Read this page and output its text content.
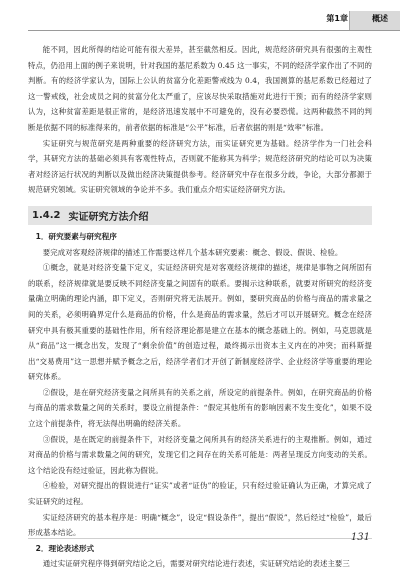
第1章	概述

能不同，因此所得的结论可能有很大差异，甚至截然相反。因此，规范经济研究具有很强的主观性特点，仍沿用上面的例子来说明，针对我国的基尼系数为 0.45 这一事实，不同的经济学家作出了不同的判断。有的经济学家认为，国际上公认的贫富分化差距警戒线为 0.4，我国测算的基尼系数已经超过了这一警戒线，社会成员之间的贫富分化太严重了，应该尽快采取措施对此进行干预；而有的经济学家则认为，这种贫富差距是很正常的，是经济迅速发展中不可避免的，没有必要恐慌。这两种截然不同的判断是依据不同的标准得来的，前者依据的标准是“公平”标准，后者依据的则是“效率”标准。

实证研究与规范研究是两种重要的经济研究方法，而实证研究更为基础。经济学作为一门社会科学，其研究方法的基础必须具有客观性特点，否则就不能称其为科学；规范经济研究的结论可以为决策者对经济运行状况的判断以及做出经济决策提供参考。经济研究中存在很多分歧，争论，大部分都源于规范研究领域。实证研究领域的争论并不多。我们重点介绍实证经济研究方法。

1.4.2 实证研究方法介绍
1．研究要素与研究程序

要完成对客观经济规律的描述工作需要这样几个基本研究要素：概念、假设、假说、检验。

①概念，就是对经济变量下定义，实证经济研究是对客观经济规律的描述，规律是事物之间所固有的联系，经济规律就是要反映不同经济变量之间固有的联系。要揭示这种联系，就要对所研究的经济变量确立明确的理论内涵，即下定义，否则研究将无法展开。例如，要研究商品的价格与商品的需求量之间的关系，必须明确界定什么是商品的价格，什么是商品的需求量，然后才可以开展研究。概念在经济研究中具有极其重要的基础性作用，所有经济理论都是建立在基本的概念基础上的。例如，马克思就是从“商品”这一概念出发，发现了“剩余价值”的创造过程，最终揭示出资本主义内在的冲突；而科斯提出“交易费用”这一思想并赋予概念之后，经济学者们才开创了新制度经济学、企业经济学等重要的理论研究体系。

②假设，是在研究经济变量之间所具有的关系之前，所设定的前提条件。例如，在研究商品的价格与商品的需求数量之间的关系时，要设立前提条件：“假定其他所有的影响因素不发生变化”，如果不设立这个前提条件，将无法得出明确的经济关系。

③假说，是在既定的前提条件下，对经济变量之间所具有的经济关系进行的主观推断。例如，通过对商品的价格与需求数量之间的研究，发现它们之间存在的关系可能是：两者呈现反方向变动的关系。这个结论没有经过验证，因此称为假说。

④检验，对研究提出的假说进行“证实”或者“证伪”的验证，只有经过验证确认为正确，才算完成了实证研究的过程。

实证经济研究的基本程序是：明确“概念”，设定“假设条件”，提出“假说”，然后经过“检验”，最后形成基本结论。

2．理论表述形式

通过实证研究程序得到研究结论之后，需要对研究结论进行表述，实证研究结论的表述主要三

131
